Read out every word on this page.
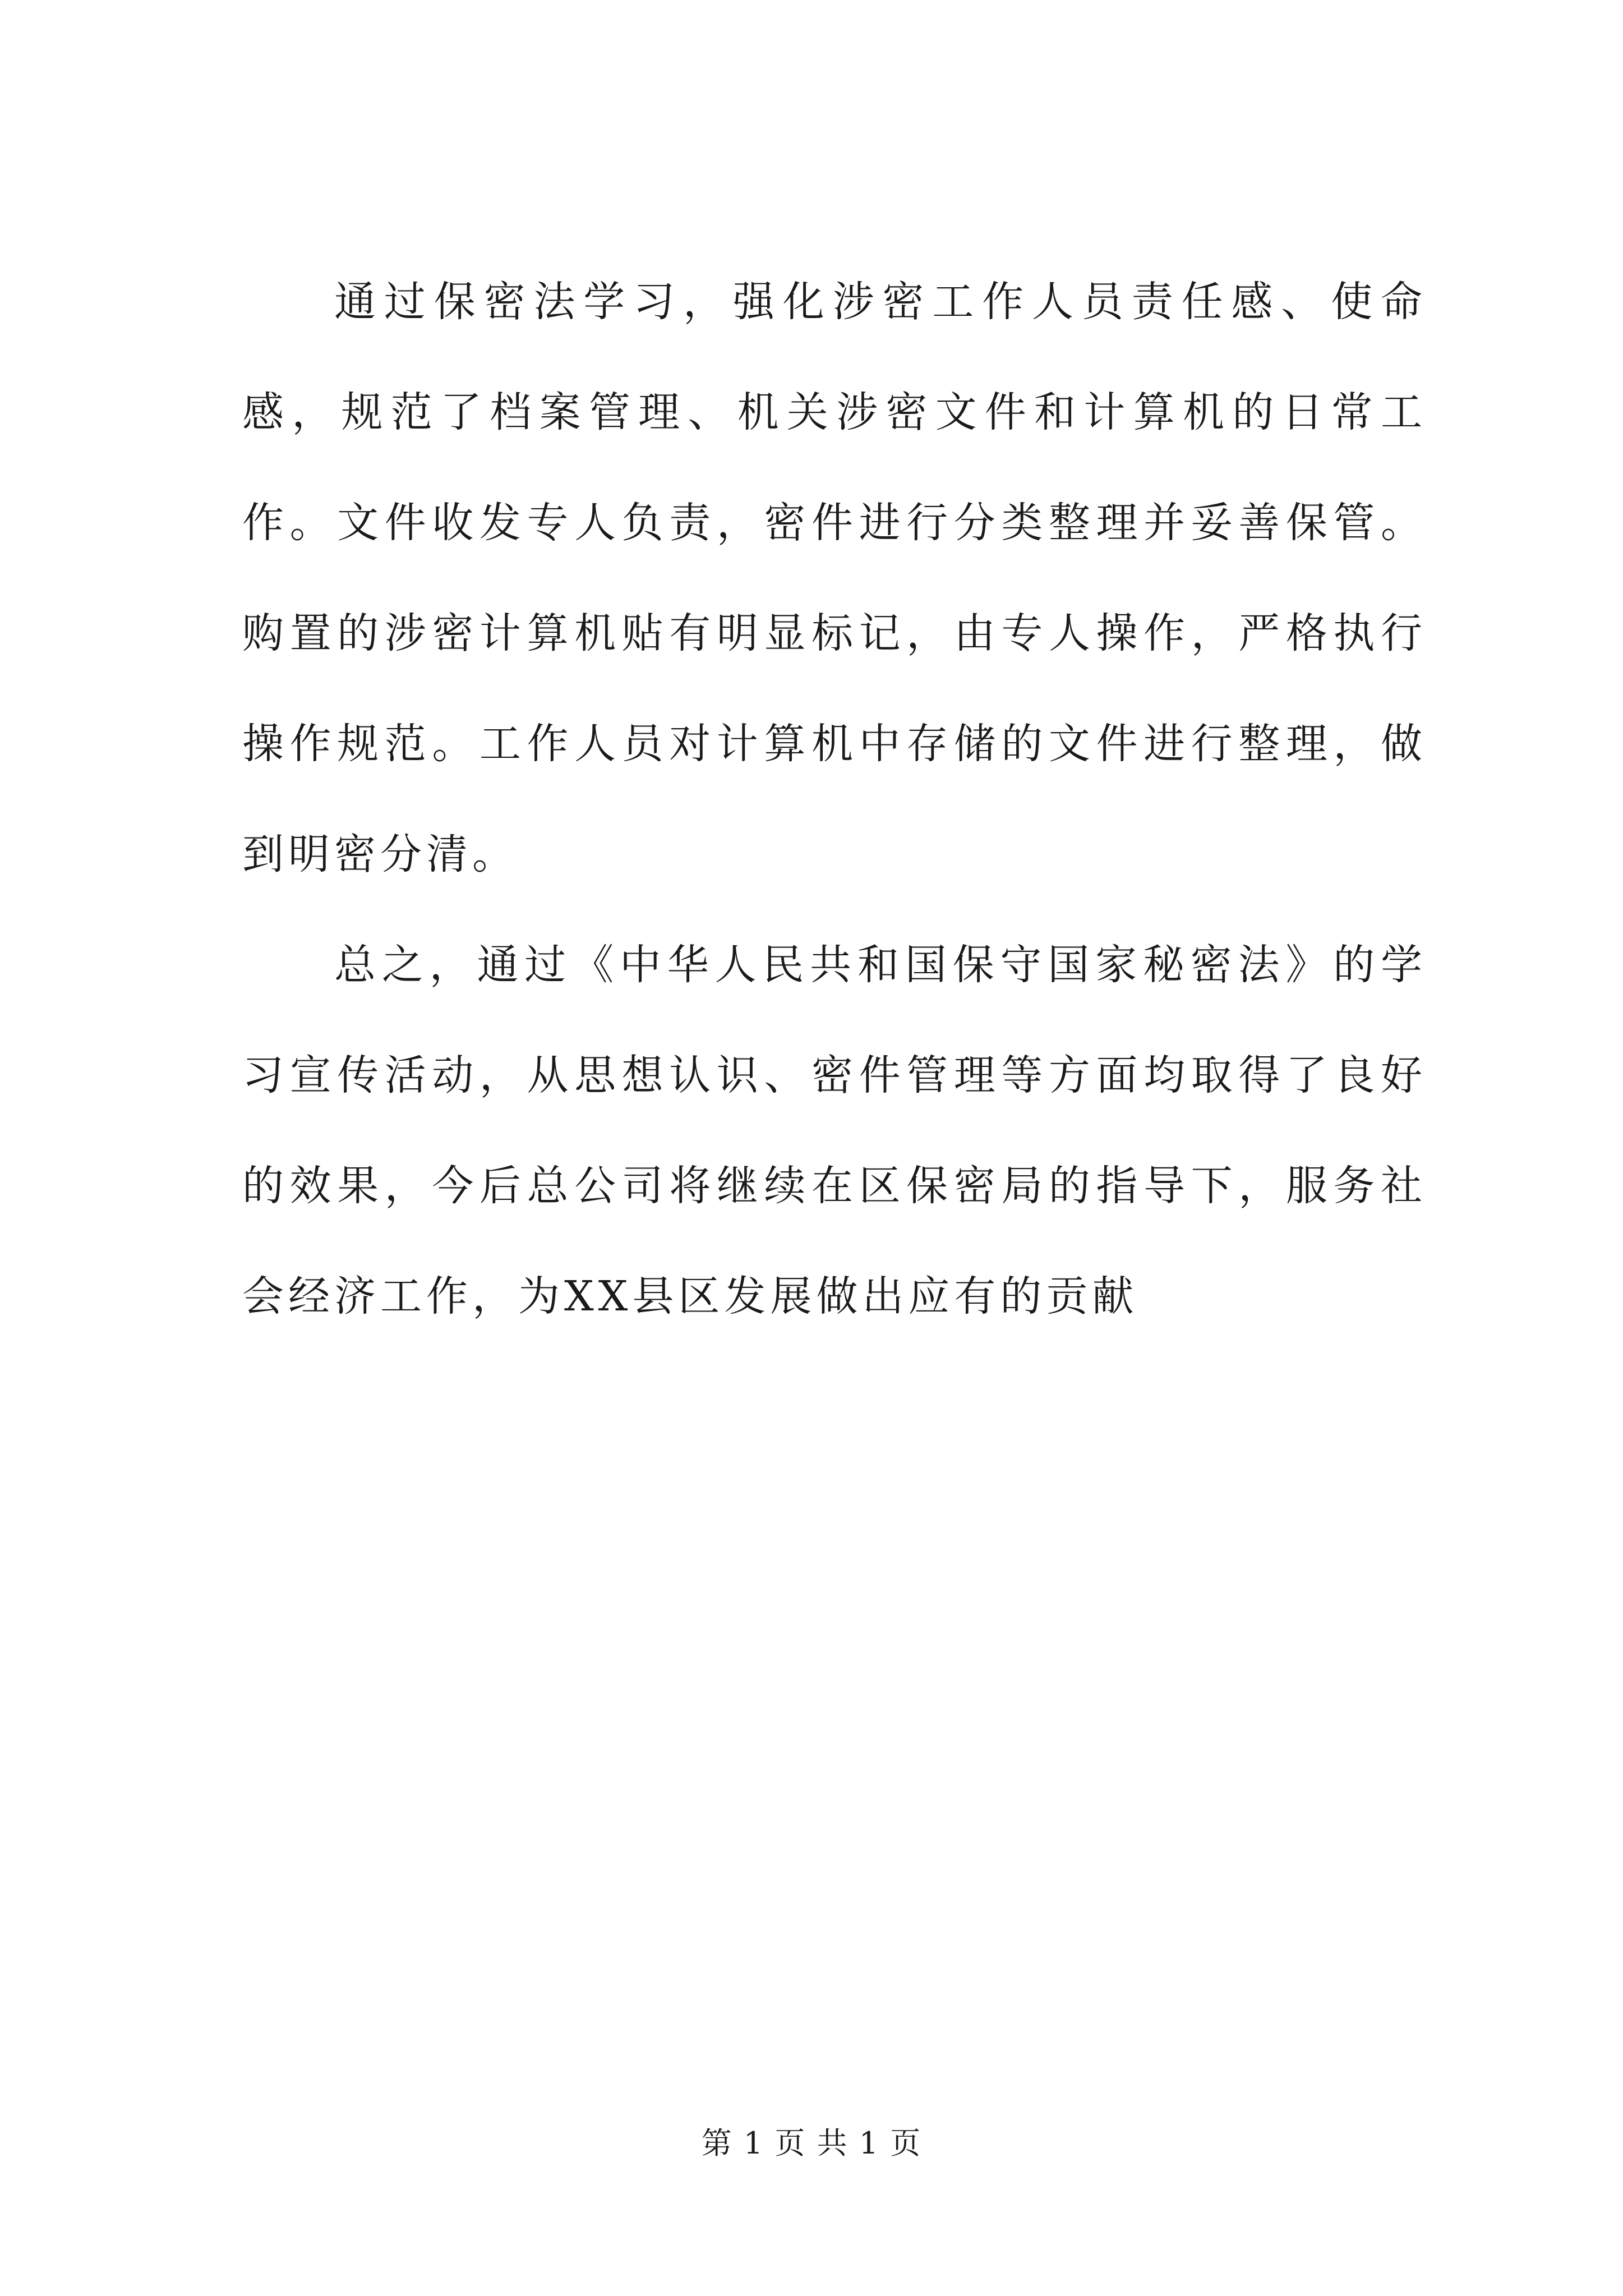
通过保密法学习，强化涉密工作人员责任感、使命感，规范了档案管理、机关涉密文件和计算机的日常工作。文件收发专人负责，密件进行分类整理并妥善保管。购置的涉密计算机贴有明显标记，由专人操作，严格执行操作规范。工作人员对计算机中存储的文件进行整理，做到明密分清。

总之，通过《中华人民共和国保守国家秘密法》的学习宣传活动，从思想认识、密件管理等方面均取得了良好的效果，今后总公司将继续在区保密局的指导下，服务社会经济工作，为XX县区发展做出应有的贡献

第 1 页 共 1 页
